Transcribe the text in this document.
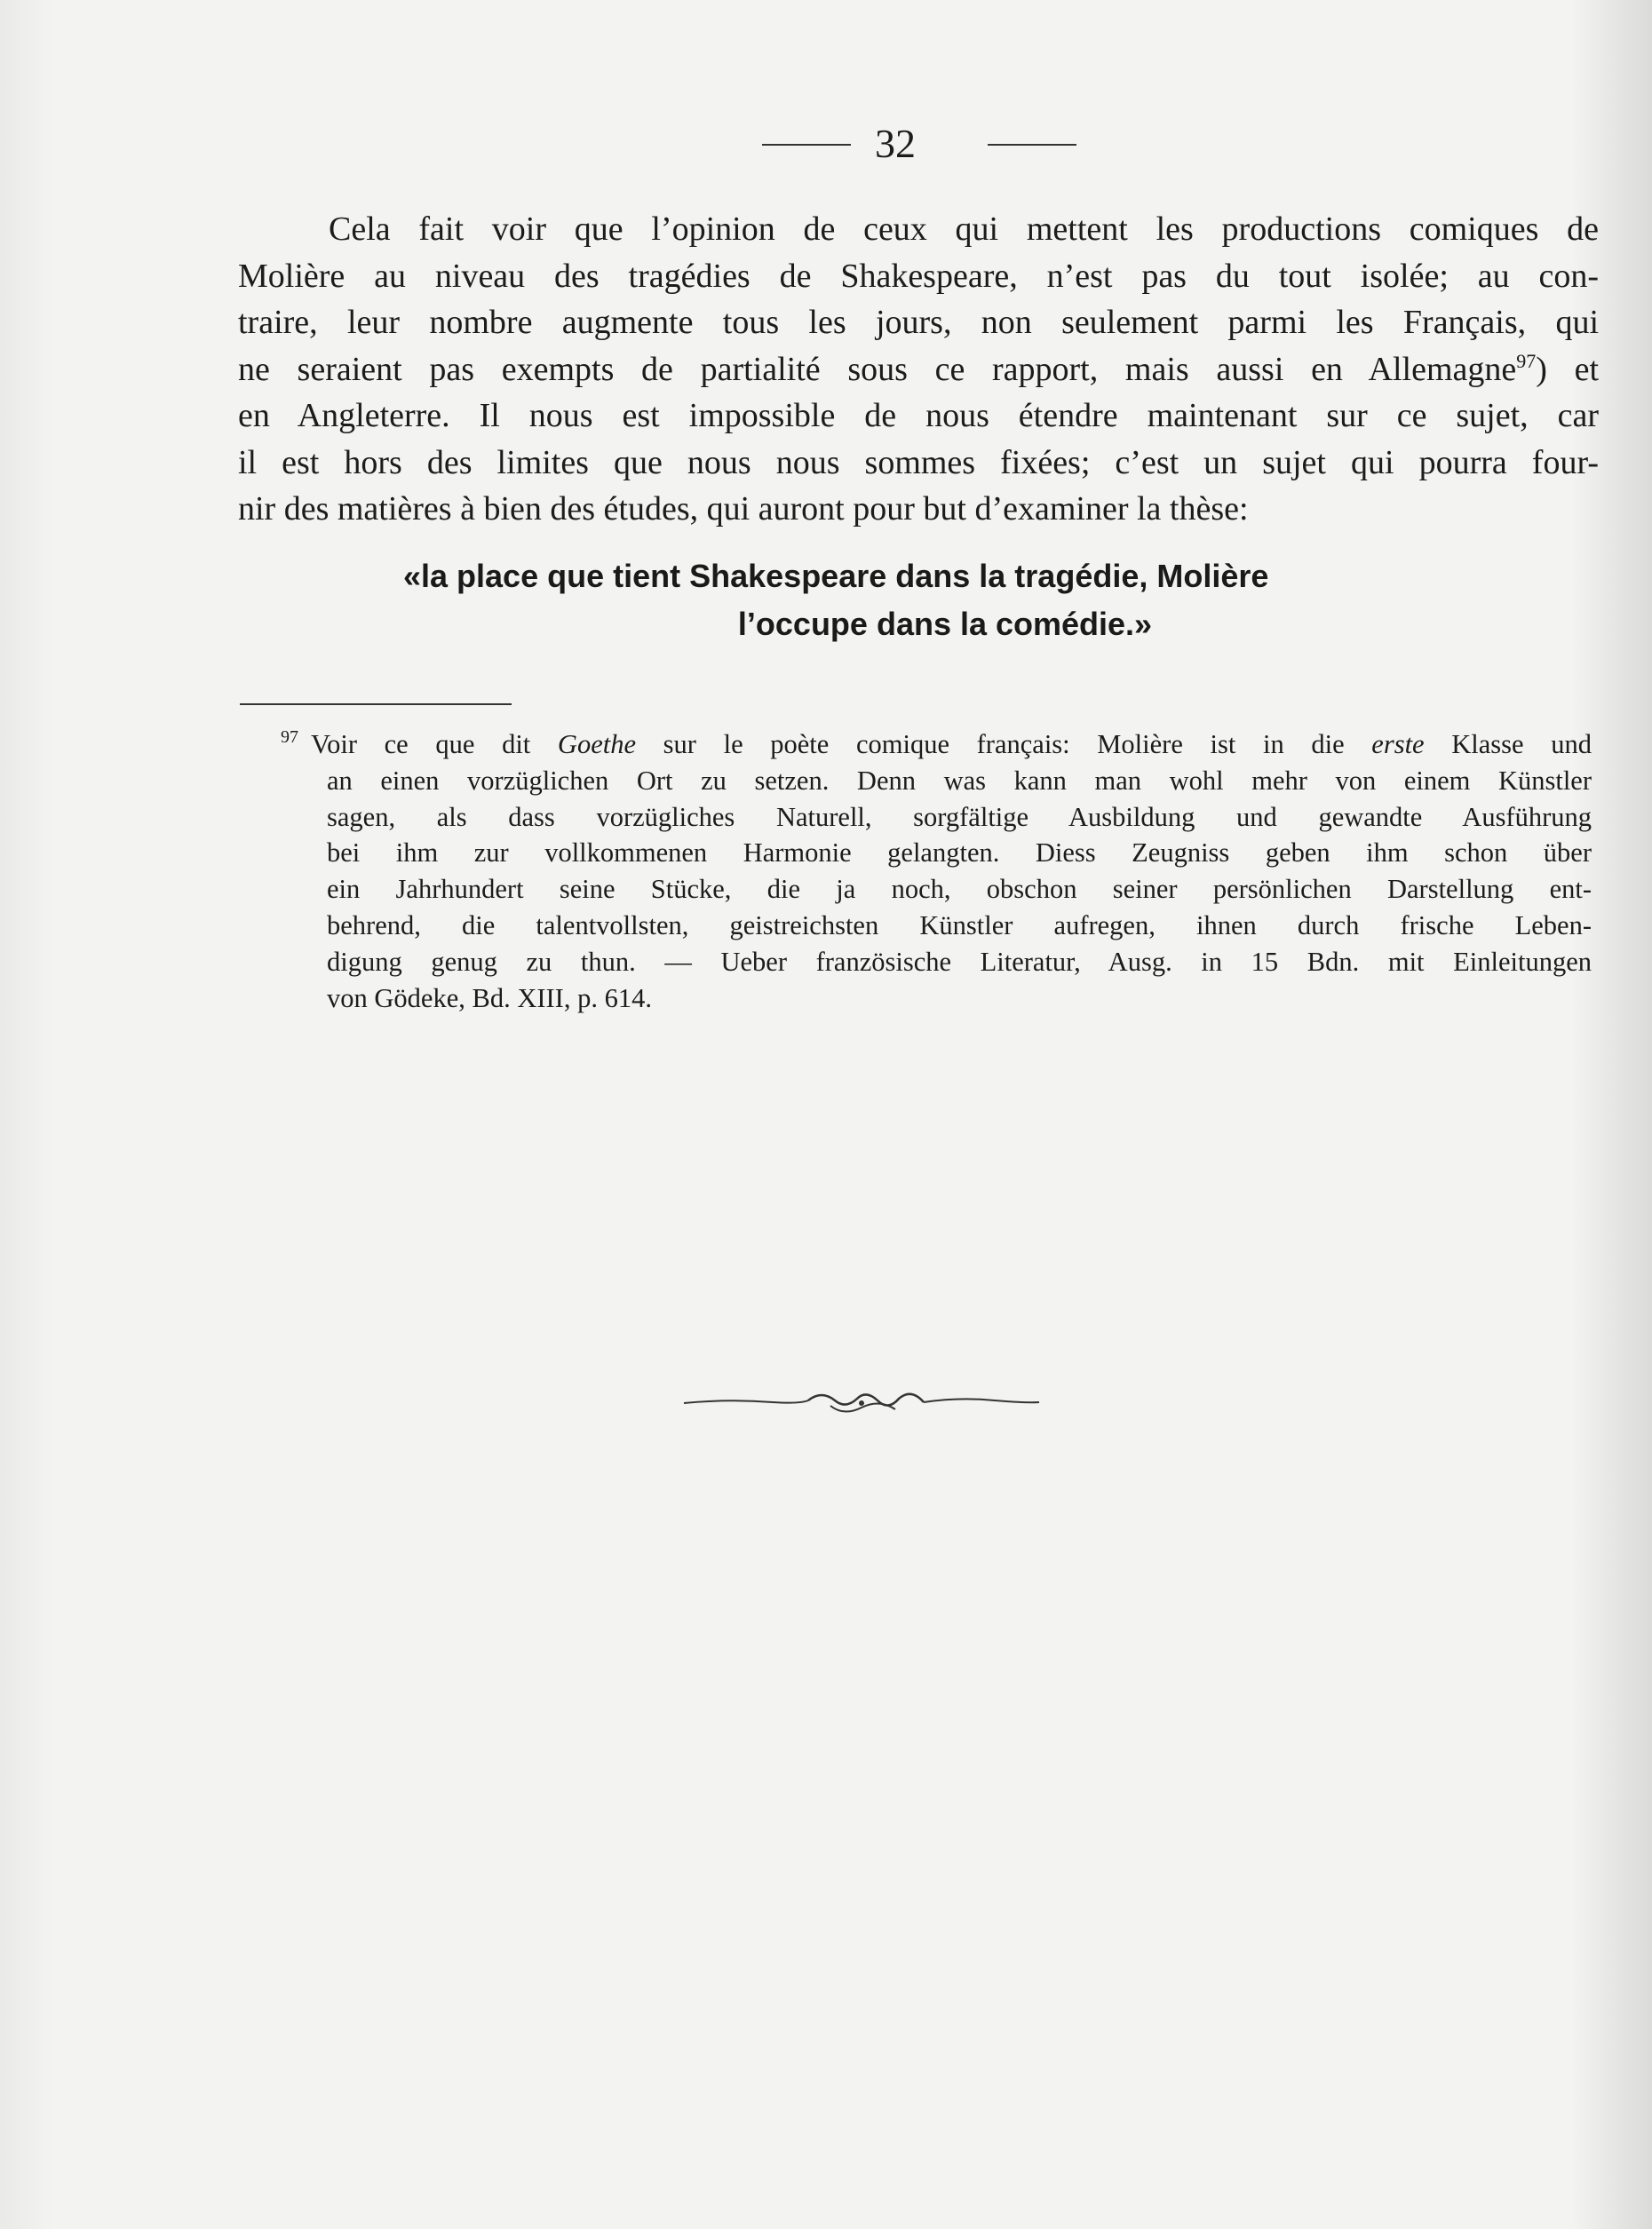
32
Cela fait voir que l’opinion de ceux qui mettent les productions comiques de
Molière au niveau des tragédies de Shakespeare, n’est pas du tout isolée; au con-
traire, leur nombre augmente tous les jours, non seulement parmi les Français, qui
ne seraient pas exempts de partialité sous ce rapport, mais aussi en Allemagne$^{97}$) et
en Angleterre. Il nous est impossible de nous étendre maintenant sur ce sujet, car
il est hors des limites que nous nous sommes fixées; c’est un sujet qui pourra four-
nir des matières à bien des études, qui auront pour but d’examiner la thèse:
«la place que tient Shakespeare dans la tragédie, Molière
l’occupe dans la comédie.»
$^{97}$ Voir ce que dit Goethe sur le poète comique français: Molière ist in die erste Klasse und
an einen vorzüglichen Ort zu setzen. Denn was kann man wohl mehr von einem Künstler
sagen, als dass vorzügliches Naturell, sorgfältige Ausbildung und gewandte Ausführung
bei ihm zur vollkommenen Harmonie gelangten. Diess Zeugniss geben ihm schon über
ein Jahrhundert seine Stücke, die ja noch, obschon seiner persönlichen Darstellung ent-
behrend, die talentvollsten, geistreichsten Künstler aufregen, ihnen durch frische Leben-
digung genug zu thun. — Ueber französische Literatur, Ausg. in 15 Bdn. mit Einleitungen
von Gödeke, Bd. XIII, p. 614.
